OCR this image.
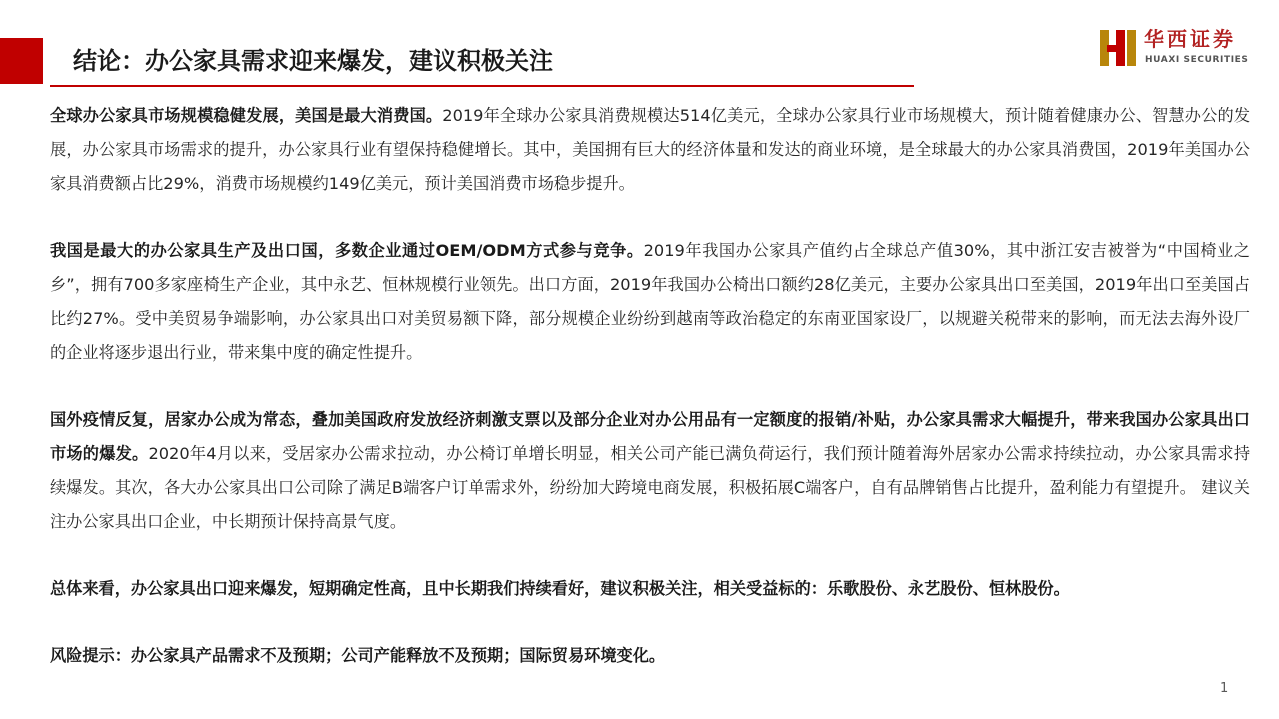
结论：办公家具需求迎来爆发，建议积极关注
华西证券
HUAXI SECURITIES

全球办公家具市场规模稳健发展，美国是最大消费国。2019年全球办公家具消费规模达514亿美元，全球办公家具行业市场规模大，预计随着健康办公、智慧办公的发展，办公家具市场需求的提升，办公家具行业有望保持稳健增长。其中，美国拥有巨大的经济体量和发达的商业环境，是全球最大的办公家具消费国，2019年美国办公家具消费额占比29%，消费市场规模约149亿美元，预计美国消费市场稳步提升。

我国是最大的办公家具生产及出口国，多数企业通过OEM/ODM方式参与竞争。2019年我国办公家具产值约占全球总产值30%，其中浙江安吉被誉为“中国椅业之乡”，拥有700多家座椅生产企业，其中永艺、恒林规模行业领先。出口方面，2019年我国办公椅出口额约28亿美元，主要办公家具出口至美国，2019年出口至美国占比约27%。受中美贸易争端影响，办公家具出口对美贸易额下降，部分规模企业纷纷到越南等政治稳定的东南亚国家设厂，以规避关税带来的影响，而无法去海外设厂的企业将逐步退出行业，带来集中度的确定性提升。

国外疫情反复，居家办公成为常态，叠加美国政府发放经济刺激支票以及部分企业对办公用品有一定额度的报销/补贴，办公家具需求大幅提升，带来我国办公家具出口市场的爆发。2020年4月以来，受居家办公需求拉动，办公椅订单增长明显，相关公司产能已满负荷运行，我们预计随着海外居家办公需求持续拉动，办公家具需求持续爆发。其次，各大办公家具出口公司除了满足B端客户订单需求外，纷纷加大跨境电商发展，积极拓展C端客户，自有品牌销售占比提升，盈利能力有望提升。 建议关注办公家具出口企业，中长期预计保持高景气度。

总体来看，办公家具出口迎来爆发，短期确定性高，且中长期我们持续看好，建议积极关注，相关受益标的：乐歌股份、永艺股份、恒林股份。

风险提示：办公家具产品需求不及预期；公司产能释放不及预期；国际贸易环境变化。

1
